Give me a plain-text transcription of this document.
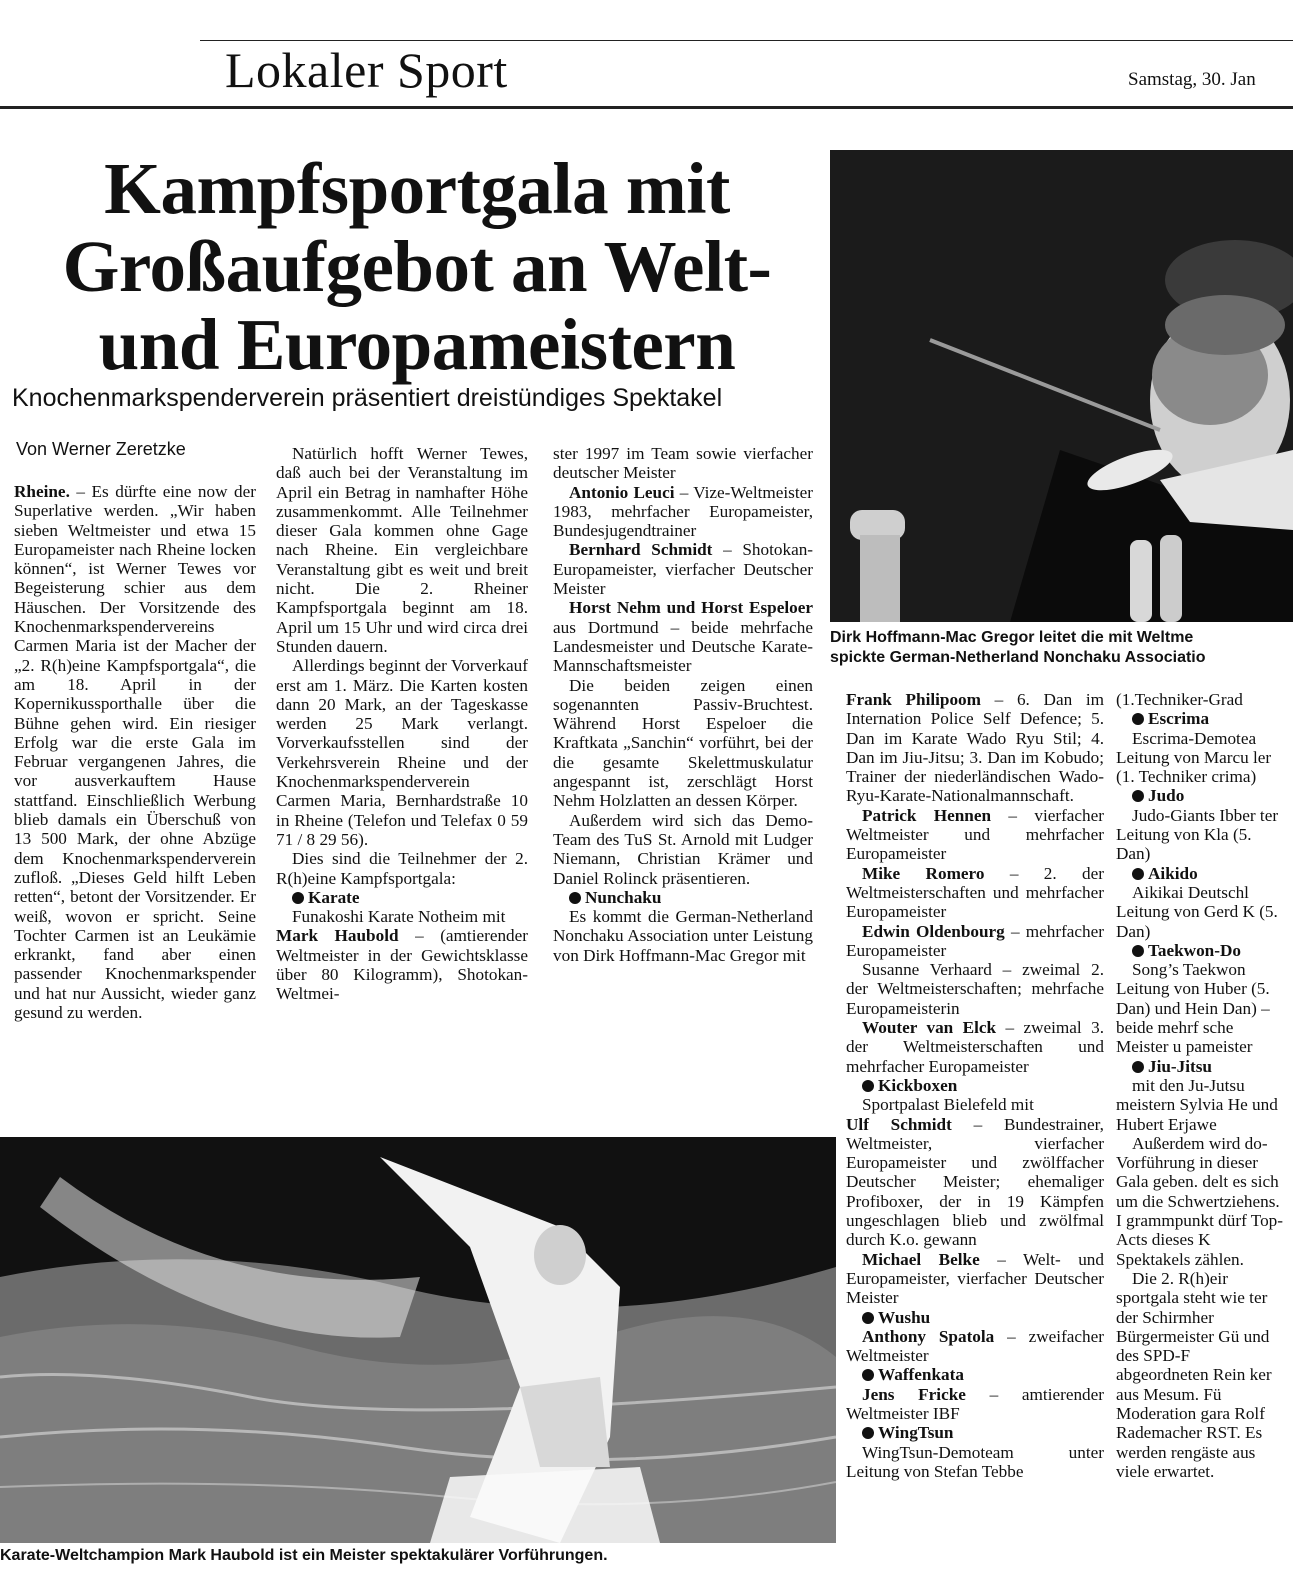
Lokaler Sport	Samstag, 30. Jan
Kampfsportgala mit
Großaufgebot an Welt-
und Europameistern
Knochenmarkspenderverein präsentiert dreistündiges Spektakel
Von Werner Zeretzke
Dirk Hoffmann-Mac Gregor leitet die mit Weltme
spickte German-Netherland Nonchaku Associatio

Rheine. – Es dürfte eine now der Superlative werden. „Wir haben sieben Weltmeister und etwa 15 Europameister nach Rheine locken können“, ist Werner Tewes vor Begeisterung schier aus dem Häuschen. Der Vorsitzende des Knochenmarkspendervereins Carmen Maria ist der Macher der „2. R(h)eine Kampfsportgala“, die am 18. April in der Kopernikussporthalle über die Bühne gehen wird. Ein riesiger Erfolg war die erste Gala im Februar vergangenen Jahres, die vor ausverkauftem Hause stattfand. Einschließlich Werbung blieb damals ein Überschuß von 13 500 Mark, der ohne Abzüge dem Knochenmarkspenderverein zufloß. „Dieses Geld hilft Leben retten“, betont der Vorsitzender. Er weiß, wovon er spricht. Seine Tochter Carmen ist an Leukämie erkrankt, fand aber einen passender Knochenmarkspender und hat nur Aussicht, wieder ganz gesund zu werden.

Natürlich hofft Werner Tewes, daß auch bei der Veranstaltung im April ein Betrag in namhafter Höhe zusammenkommt. Alle Teilnehmer dieser Gala kommen ohne Gage nach Rheine. Ein vergleichbare Veranstaltung gibt es weit und breit nicht. Die 2. Rheiner Kampfsportgala beginnt am 18. April um 15 Uhr und wird circa drei Stunden dauern.

Allerdings beginnt der Vorverkauf erst am 1. März. Die Karten kosten dann 20 Mark, an der Tageskasse werden 25 Mark verlangt. Vorverkaufsstellen sind der Verkehrsverein Rheine und der Knochenmarkspenderverein Carmen Maria, Bernhardstraße 10 in Rheine (Telefon und Telefax 0 59 71 / 8 29 56).

Dies sind die Teilnehmer der 2. R(h)eine Kampfsportgala:

Karate

Funakoshi Karate Notheim mit

Mark Haubold – (amtierender Weltmeister in der Gewichtsklasse über 80 Kilogramm), Shotokan-Weltmei-

ster 1997 im Team sowie vierfacher deutscher Meister

Antonio Leuci – Vize-Weltmeister 1983, mehrfacher Europameister, Bundesjugendtrainer

Bernhard Schmidt – Shotokan-Europameister, vierfacher Deutscher Meister

Horst Nehm und Horst Espeloer aus Dortmund – beide mehrfache Landesmeister und Deutsche Karate-Mannschaftsmeister

Die beiden zeigen einen sogenannten Passiv-Bruchtest. Während Horst Espeloer die Kraftkata „Sanchin“ vorführt, bei der die gesamte Skelettmuskulatur angespannt ist, zerschlägt Horst Nehm Holzlatten an dessen Körper.

Außerdem wird sich das Demo-Team des TuS St. Arnold mit Ludger Niemann, Christian Krämer und Daniel Rolinck präsentieren.

Nunchaku

Es kommt die German-Netherland Nonchaku Association unter Leistung von Dirk Hoffmann-Mac Gregor mit

Frank Philipoom – 6. Dan im Internation Police Self Defence; 5. Dan im Karate Wado Ryu Stil; 4. Dan im Jiu-Jitsu; 3. Dan im Kobudo; Trainer der niederländischen Wado-Ryu-Karate-Nationalmannschaft.

Patrick Hennen – vierfacher Weltmeister und mehrfacher Europameister

Mike Romero – 2. der Weltmeisterschaften und mehrfacher Europameister

Edwin Oldenbourg – mehrfacher Europameister

Susanne Verhaard – zweimal 2. der Weltmeisterschaften; mehrfache Europameisterin

Wouter van Elck – zweimal 3. der Weltmeisterschaften und mehrfacher Europameister

Kickboxen

Sportpalast Bielefeld mit

Ulf Schmidt – Bundestrainer, Weltmeister, vierfacher Europameister und zwölffacher Deutscher Meister; ehemaliger Profiboxer, der in 19 Kämpfen ungeschlagen blieb und zwölfmal durch K.o. gewann

Michael Belke – Welt- und Europameister, vierfacher Deutscher Meister

Wushu

Anthony Spatola – zweifacher Weltmeister

Waffenkata

Jens Fricke – amtierender Weltmeister IBF

WingTsun

WingTsun-Demoteam unter Leitung von Stefan Tebbe

(1.Techniker-Grad

Escrima

Escrima-Demotea Leitung von Marcu ler (1. Techniker crima)

Judo

Judo-Giants Ibber ter Leitung von Kla (5. Dan)

Aikido

Aikikai Deutschl Leitung von Gerd K (5. Dan)

Taekwon-Do

Song’s Taekwon Leitung von Huber (5. Dan) und Hein Dan) – beide mehrf sche Meister u pameister

Jiu-Jitsu

mit den Ju-Jutsu meistern Sylvia He und Hubert Erjawe

Außerdem wird do-Vorführung in dieser Gala geben. delt es sich um die Schwertziehens. I grammpunkt dürf Top-Acts dieses K Spektakels zählen.

Die 2. R(h)eir sportgala steht wie ter der Schirmher Bürgermeister Gü und des SPD-F abgeordneten Rein ker aus Mesum. Fü Moderation gara Rolf Rademacher RST. Es werden rengäste aus viele erwartet.

Karate-Weltchampion Mark Haubold ist ein Meister spektakulärer Vorführungen.
